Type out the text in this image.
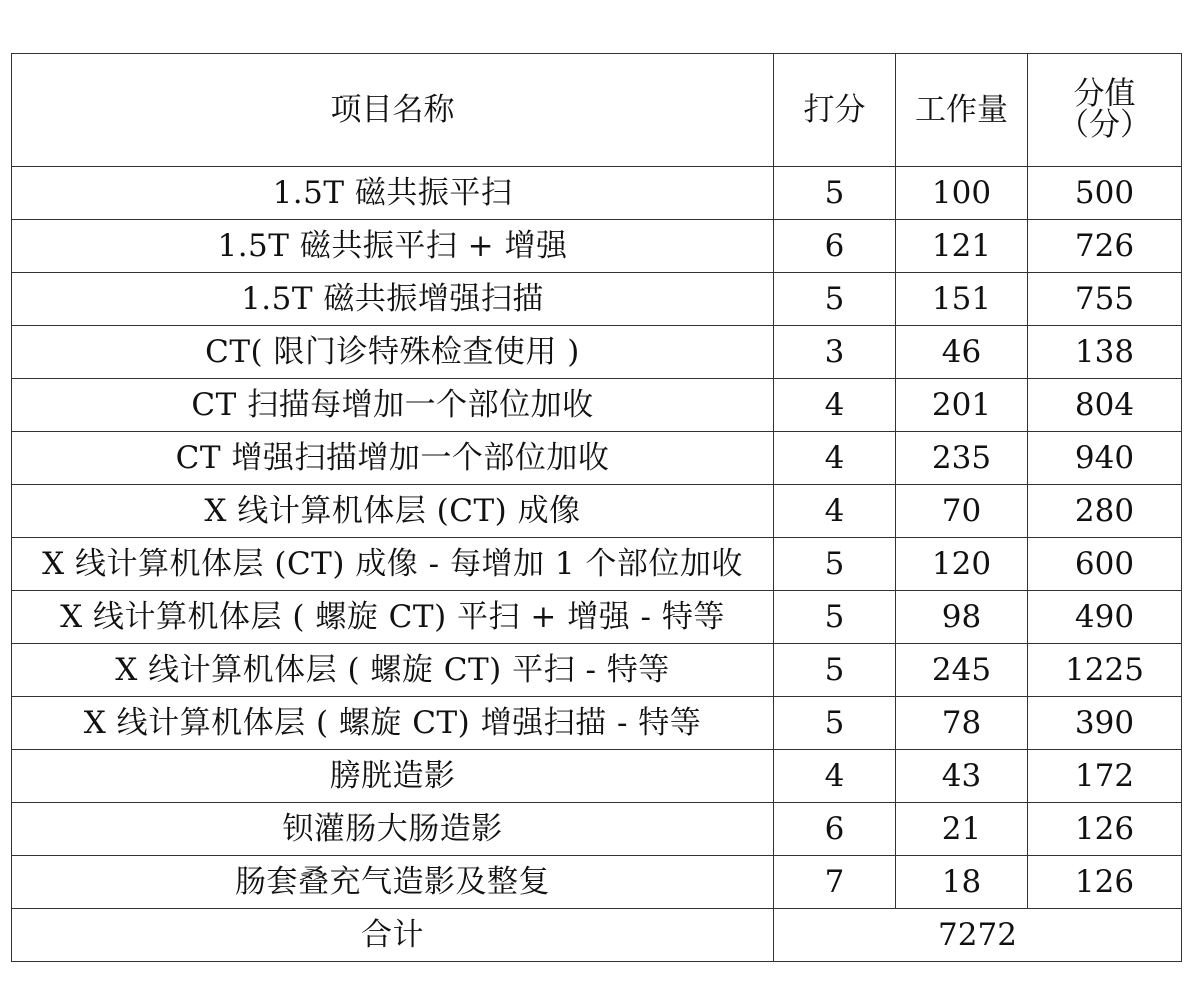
项目名称	打分	工作量	分值
（分）

1.5T 磁共振平扫	5	100	500
1.5T 磁共振平扫 + 增强	6	121	726
1.5T 磁共振增强扫描	5	151	755
CT( 限门诊特殊检查使用 )	3	46	138
CT 扫描每增加一个部位加收	4	201	804
CT 增强扫描增加一个部位加收	4	235	940
X 线计算机体层 (CT) 成像	4	70	280
X 线计算机体层 (CT) 成像 - 每增加 1 个部位加收	5	120	600
X 线计算机体层 ( 螺旋 CT) 平扫 + 增强 - 特等	5	98	490
X 线计算机体层 ( 螺旋 CT) 平扫 - 特等	5	245	1225
X 线计算机体层 ( 螺旋 CT) 增强扫描 - 特等	5	78	390
膀胱造影	4	43	172
钡灌肠大肠造影	6	21	126
肠套叠充气造影及整复	7	18	126
合计	7272		
